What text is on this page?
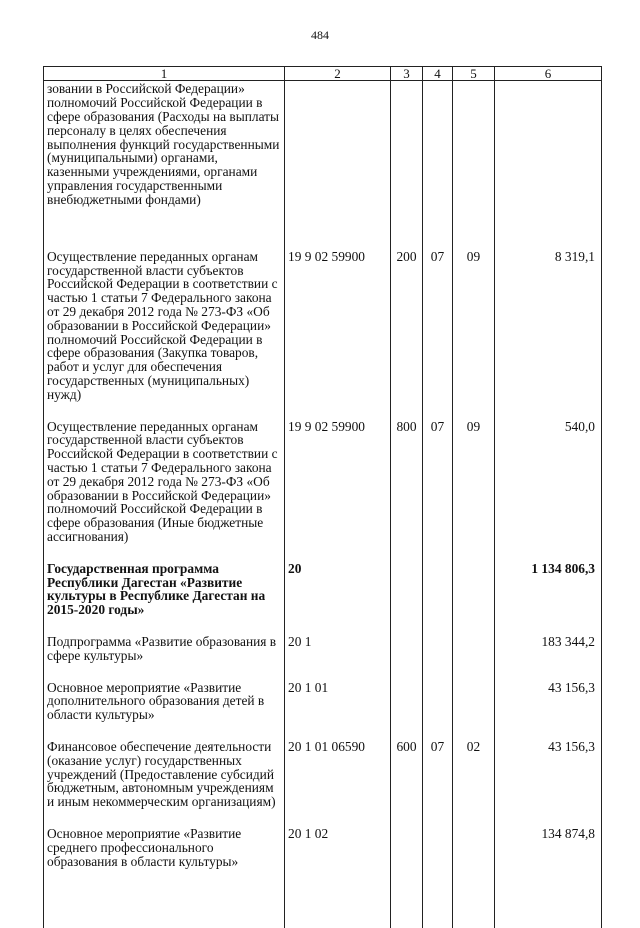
484
1	2	3	4	5	6
зовании в Российской Федерации» полномочий Российской Федерации в сфере образования (Расходы на выплаты персоналу в целях обеспечения выполнения функций государственными (муниципальными) органами, казенными учреждениями, органами управления государственными внебюджетными фондами)					
Осуществление переданных органам государственной власти субъектов Российской Федерации в соответствии с частью 1 статьи 7 Федерального закона от 29 декабря 2012 года № 273-ФЗ «Об образовании в Российской Федерации» полномочий Российской Федерации в сфере образования (Закупка товаров, работ и услуг для обеспечения государственных (муниципальных) нужд)	19 9 02 59900	200	07	09	8 319,1
Осуществление переданных органам государственной власти субъектов Российской Федерации в соответствии с частью 1 статьи 7 Федерального закона от 29 декабря 2012 года № 273-ФЗ «Об образовании в Российской Федерации» полномочий Российской Федерации в сфере образования (Иные бюджетные ассигнования)	19 9 02 59900	800	07	09	540,0
Государственная программа Республики Дагестан «Развитие культуры в Республике Дагестан на 2015-2020 годы»	20				1 134 806,3
Подпрограмма «Развитие образования в сфере культуры»	20 1				183 344,2
Основное мероприятие «Развитие дополнительного образования детей в области культуры»	20 1 01				43 156,3
Финансовое обеспечение деятельности (оказание услуг) государственных учреждений (Предоставление субсидий бюджетным, автономным учреждениям и иным некоммерческим организациям)	20 1 01 06590	600	07	02	43 156,3
Основное мероприятие «Развитие среднего профессионального образования в области культуры»	20 1 02				134 874,8
